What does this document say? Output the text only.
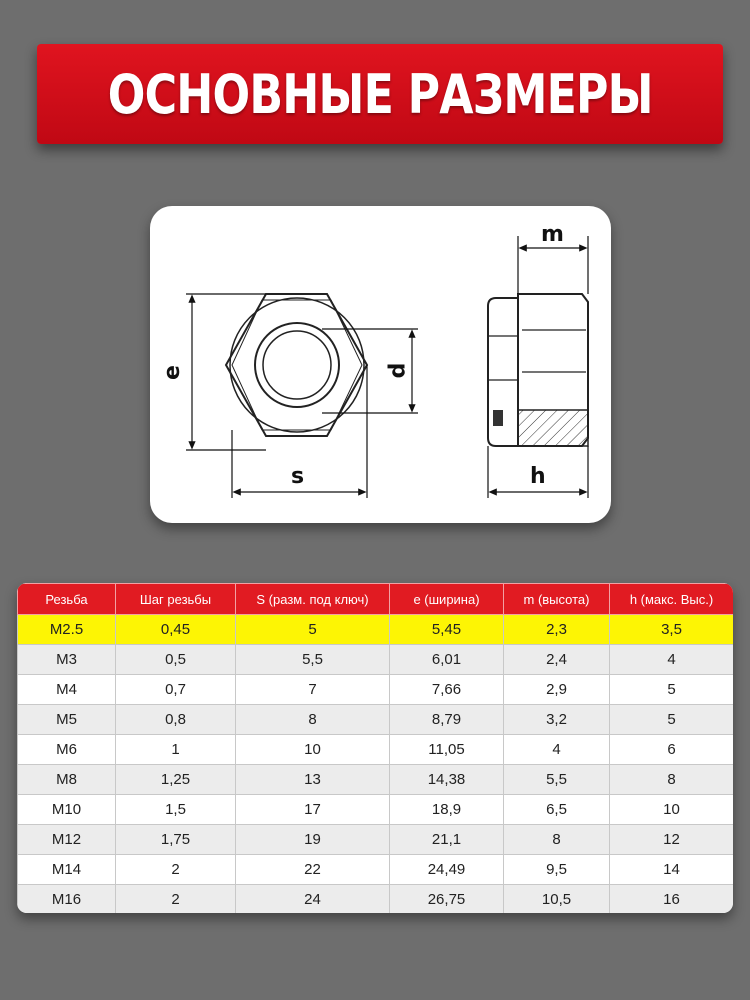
ОСНОВНЫЕ РАЗМЕРЫ
e	d
s
m
h
Резьба	Шаг резьбы	S (разм. под ключ)	e (ширина)	m (высота)	h (макс. Выс.)
M2.5	0,45	5	5,45	2,3	3,5
M3	0,5	5,5	6,01	2,4	4
M4	0,7	7	7,66	2,9	5
M5	0,8	8	8,79	3,2	5
M6	1	10	11,05	4	6
M8	1,25	13	14,38	5,5	8
M10	1,5	17	18,9	6,5	10
M12	1,75	19	21,1	8	12
M14	2	22	24,49	9,5	14
M16	2	24	26,75	10,5	16
